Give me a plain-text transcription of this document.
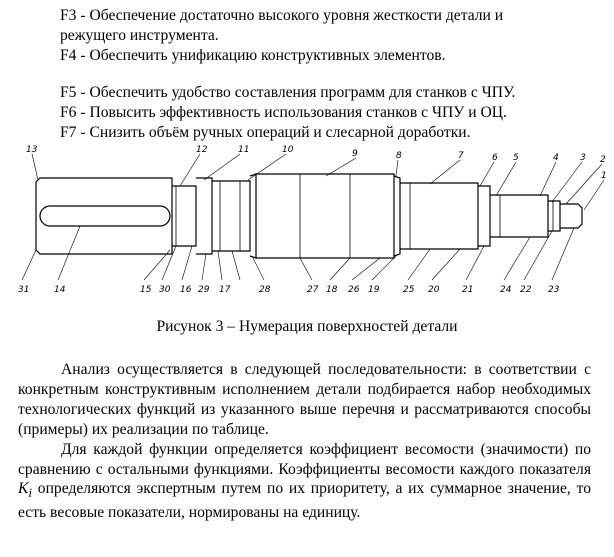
F3 - Обеспечение достаточно высокого уровня жесткости детали и
режущего инструмента.
F4 - Обеспечить унификацию конструктивных элементов.
F5 - Обеспечить удобство составления программ для станков с ЧПУ.
F6 - Повысить эффективность использования станков с ЧПУ и ОЦ.
F7 - Снизить объём ручных операций и слесарной доработки.
13	12	11	10	9	8	7	6 5	4 3 2
1
31	14	15 30 16 29 17	28	27 18 26 19	25 20	21	24 22 23
Рисунок 3 – Нумерация поверхностей детали

Анализ осуществляется в следующей последовательности: в соответствии с конкретным конструктивным исполнением детали подбирается набор необходимых технологических функций из указанного выше перечня и рассматриваются способы (примеры) их реализации по таблице.

Для каждой функции определяется коэффициент весомости (значимости) по сравнению с остальными функциями. Коэффициенты весомости каждого показателя $K_i$ определяются экспертным путем по их приоритету, а их суммарное значение, то есть весовые показатели, нормированы на единицу.
